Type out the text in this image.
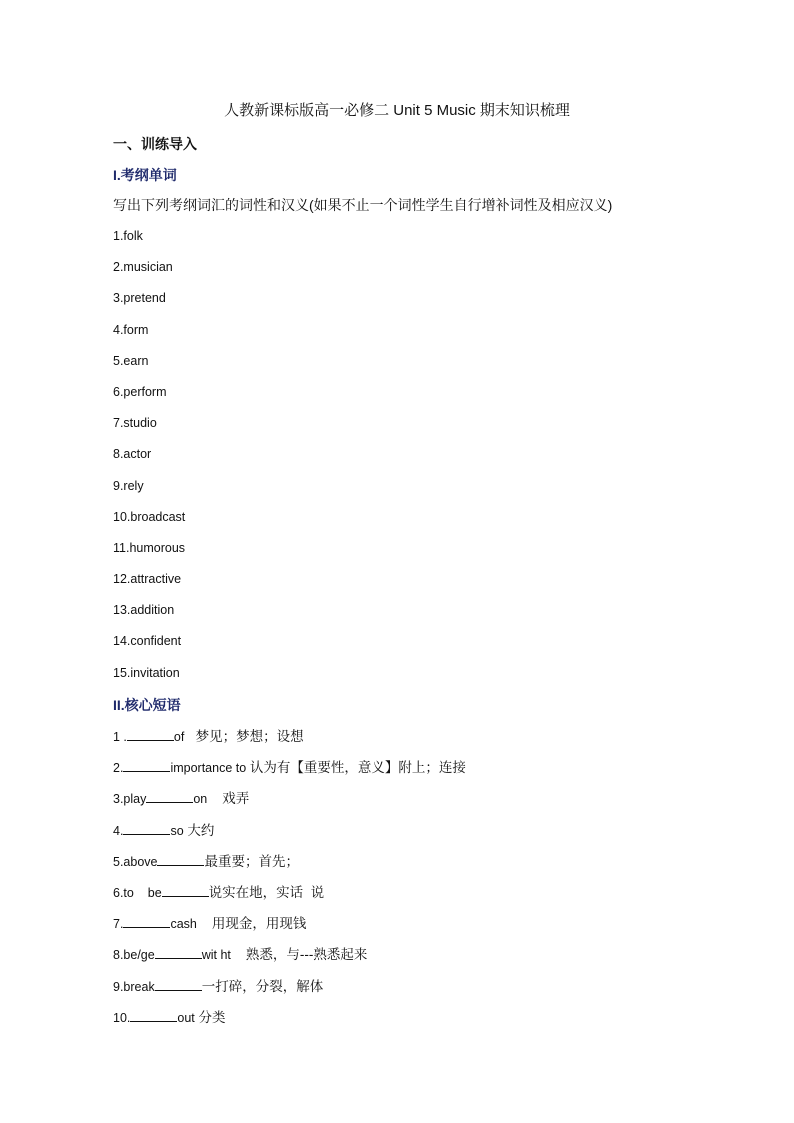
人教新课标版高一必修二 Unit 5 Music 期末知识梳理
一、训练导入
I.考纲单词
写出下列考纲词汇的词性和汉义(如果不止一个词性学生自行增补词性及相应汉义)
1.folk
2.musician
3.pretend
4.form
5.earn
6.perform
7.studio
8.actor
9.rely
10.broadcast
11.humorous
12.attractive
13.addition
14.confident
15.invitation
II.核心短语
1 .	of   梦见；梦想；设想
2.	importance to 认为有【重要性，意义】附上；连接
3.play	on    戏弄
4.	so 大约
5.above	最重要；首先；
6.to    be	说实在地，实话  说
7.	cash    用现金，用现钱
8.be/ge	wit ht    熟悉，与---熟悉起来
9.break	一打碎，分裂，解体
10.	out 分类
